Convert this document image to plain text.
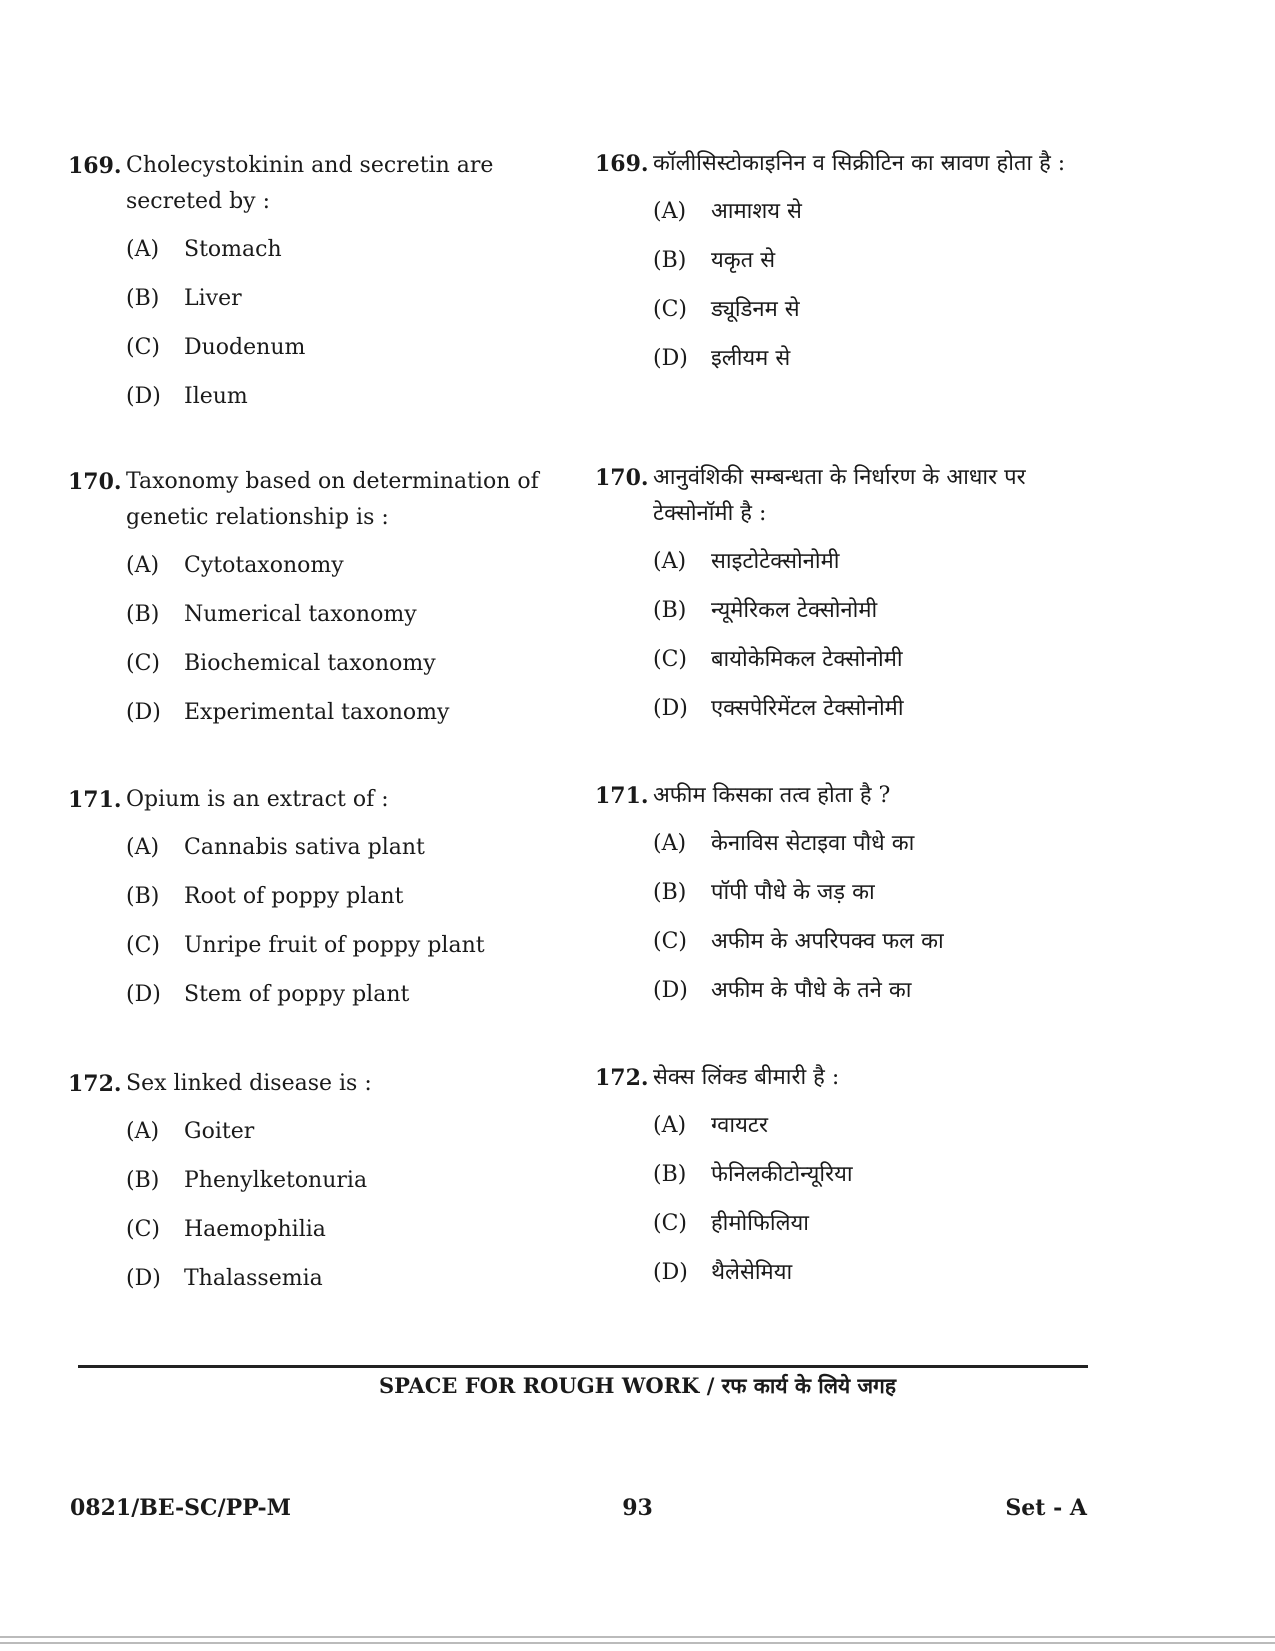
169. Cholecystokinin and secretin are secreted by :
(A)	Stomach
(B)	Liver
(C)	Duodenum
(D)	Ileum
170. Taxonomy based on determination of genetic relationship is :
(A)	Cytotaxonomy
(B)	Numerical taxonomy
(C)	Biochemical taxonomy
(D)	Experimental taxonomy
171. Opium is an extract of :
(A)	Cannabis sativa plant
(B)	Root of poppy plant
(C)	Unripe fruit of poppy plant
(D)	Stem of poppy plant
172. Sex linked disease is :
(A)	Goiter
(B)	Phenylketonuria
(C)	Haemophilia
(D)	Thalassemia
169. कॉलीसिस्टोकाइनिन व सिक्रीटिन का स्रावण होता है :
(A)	आमाशय से
(B)	यकृत से
(C)	ड्यूडिनम से
(D)	इलीयम से
170. आनुवंशिकी सम्बन्धता के निर्धारण के आधार पर टेक्सोनॉमी है :
(A)	साइटोटेक्सोनोमी
(B)	न्यूमेरिकल टेक्सोनोमी
(C)	बायोकेमिकल टेक्सोनोमी
(D)	एक्सपेरिमेंटल टेक्सोनोमी
171. अफीम किसका तत्व होता है ?
(A)	केनाविस सेटाइवा पौधे का
(B)	पॉपी पौधे के जड़ का
(C)	अफीम के अपरिपक्व फल का
(D)	अफीम के पौधे के तने का
172. सेक्स लिंक्ड बीमारी है :
(A)	ग्वायटर
(B)	फेनिलकीटोन्यूरिया
(C)	हीमोफिलिया
(D)	थैलेसेमिया
SPACE FOR ROUGH WORK / रफ कार्य के लिये जगह
0821/BE-SC/PP-M	93	Set - A
